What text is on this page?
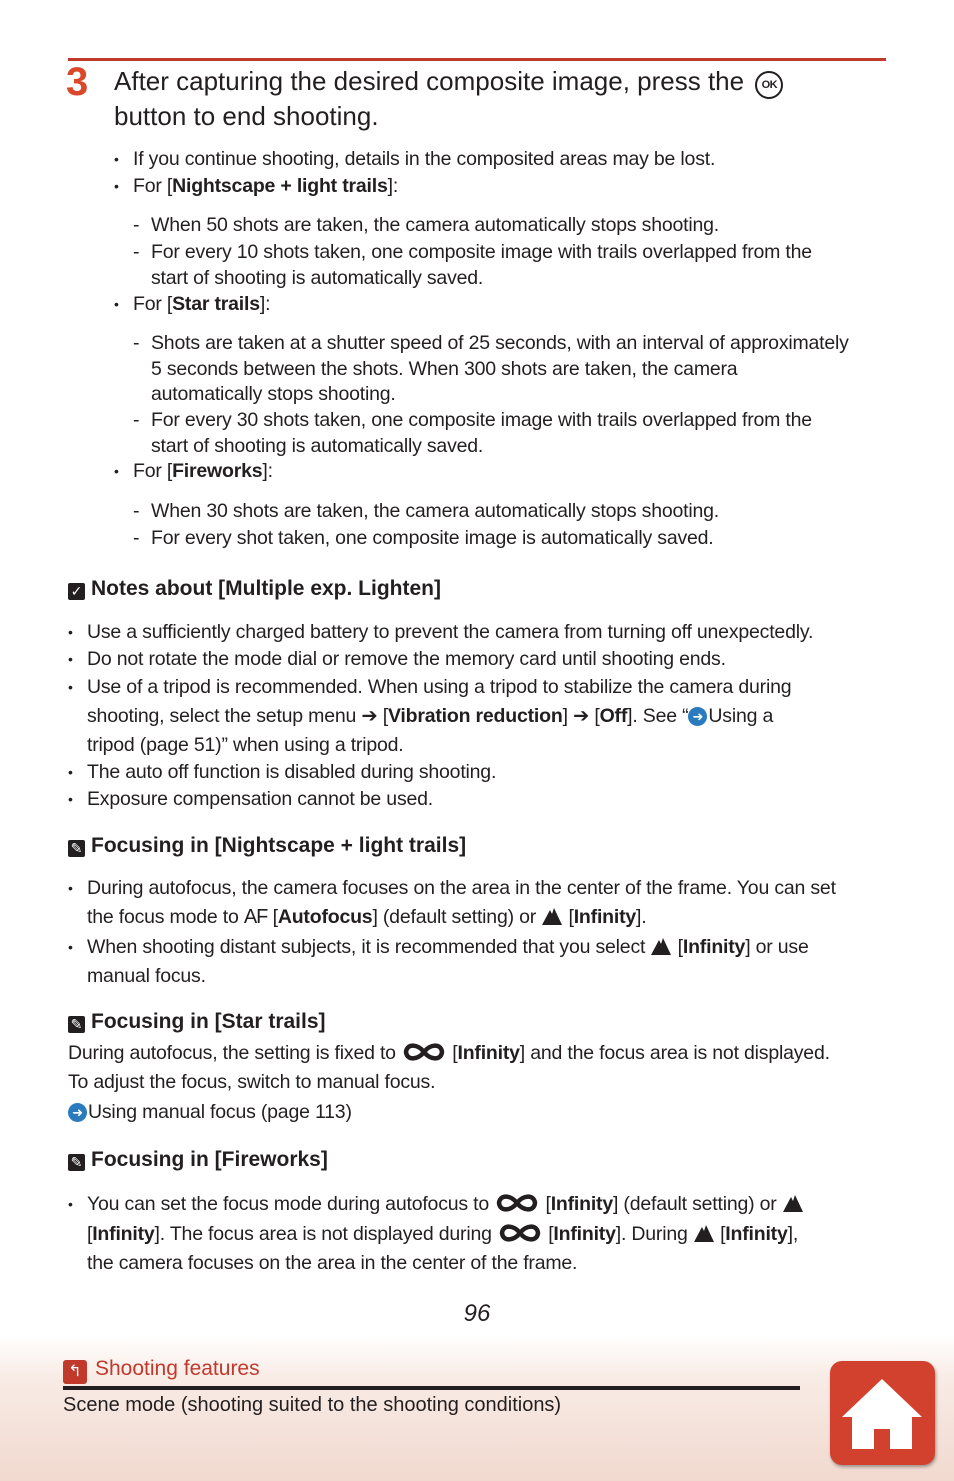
3 After capturing the desired composite image, press the OK
button to end shooting.
• If you continue shooting, details in the composited areas may be lost.
• For [Nightscape + light trails]:
- When 50 shots are taken, the camera automatically stops shooting.
- For every 10 shots taken, one composite image with trails overlapped from the
start of shooting is automatically saved.
• For [Star trails]:
- Shots are taken at a shutter speed of 25 seconds, with an interval of approximately
5 seconds between the shots. When 300 shots are taken, the camera
automatically stops shooting.
- For every 30 shots taken, one composite image with trails overlapped from the
start of shooting is automatically saved.
• For [Fireworks]:
- When 30 shots are taken, the camera automatically stops shooting.
- For every shot taken, one composite image is automatically saved.
✓ Notes about [Multiple exp. Lighten]
• Use a sufficiently charged battery to prevent the camera from turning off unexpectedly.
• Do not rotate the mode dial or remove the memory card until shooting ends.
• Use of a tripod is recommended. When using a tripod to stabilize the camera during
shooting, select the setup menu ➔ [Vibration reduction] ➔ [Off]. See “ ➜ Using a
tripod (page 51)” when using a tripod.
• The auto off function is disabled during shooting.
• Exposure compensation cannot be used.
✎ Focusing in [Nightscape + light trails]
• During autofocus, the camera focuses on the area in the center of the frame. You can set
the focus mode to AF [Autofocus] (default setting) or [Infinity].
• When shooting distant subjects, it is recommended that you select [Infinity] or use
manual focus.
✎ Focusing in [Star trails]
During autofocus, the setting is fixed to	[Infinity] and the focus area is not displayed.
To adjust the focus, switch to manual focus.
➜ Using manual focus (page 113)
✎ Focusing in [Fireworks]
• You can set the focus mode during autofocus to	[Infinity] (default setting) or
[Infinity]. The focus area is not displayed during	[Infinity]. During [Infinity],
the camera focuses on the area in the center of the frame.
96
↰ Shooting features
Scene mode (shooting suited to the shooting conditions)
